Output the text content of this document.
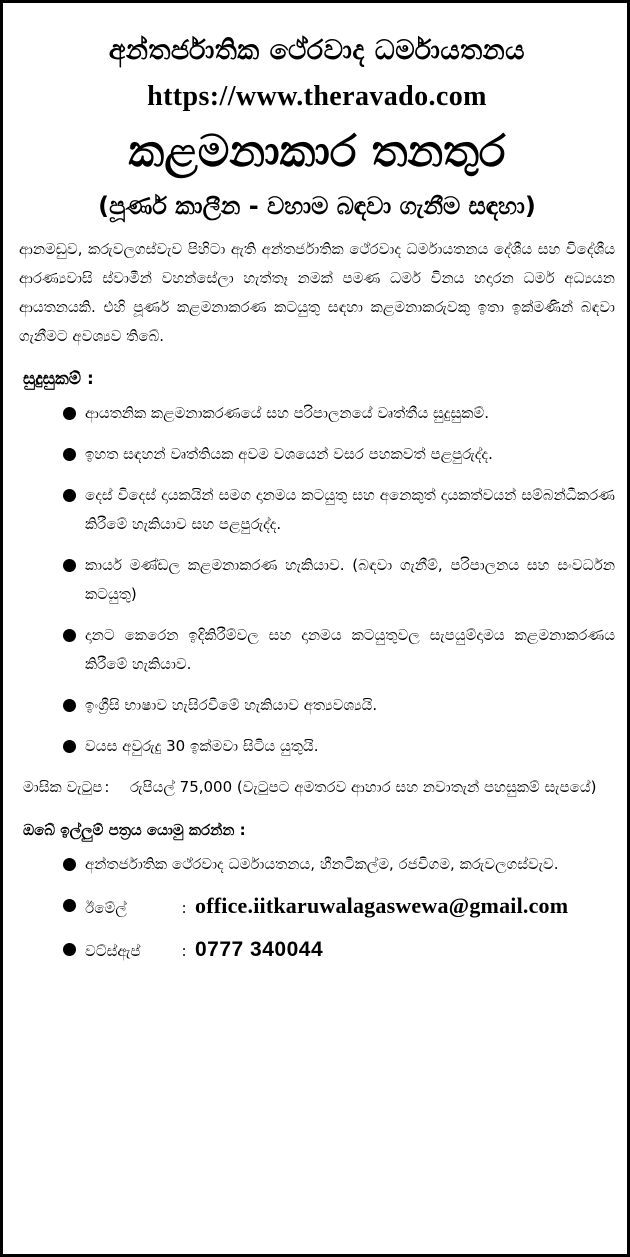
අන්තර්ජාතික ථේරවාද ධර්මායතනය
https://www.theravado.com
කළමනාකාර තනතුර
(පූර්ණ කාලීන - වහාම බඳවා ගැනීම සඳහා)
ආනමඩුව, කරුවලගස්වැව පිහිටා ඇති අන්තර්ජාතික ථේරවාද ධර්මායතනය දේශීය සහ විදේශීය ආරණ්‍යවාසි ස්වාමීන් වහන්සේලා හැත්තෑ නමක් පමණ ධර්ම විනය හදාරන ධර්ම අධ්‍යයන ආයතනයකි. එහි පූර්ණ කළමනාකරණ කටයුතු සඳහා කළමනාකරුවකු ඉතා ඉක්මණින් බඳවා ගැනීමට අවශ්‍යව තිබේ.
සුදුසුකම් :
ආයතනික කළමනාකරණයේ සහ පරිපාලනයේ වෘත්තීය සුදුසුකම්.
ඉහත සඳහන් වෘත්තියක අවම වශයෙන් වසර පහකවත් පළපුරුද්ද.
දෙස් විදෙස් දායකයින් සමග දානමය කටයුතු සහ අනෙකුත් දායකත්වයන් සම්බන්ධීකරණ කිරීමේ හැකියාව සහ පළපුරුද්ද.
කාර්ය මණ්ඩල කළමනාකරණ හැකියාව. (බඳවා ගැනීම්, පරිපාලනය සහ සංවර්ධන කටයුතු)
දානට කෙරෙන ඉදිකිරීම්වල සහ දානමය කටයුතුවල සැපයුම්දාමය කළමනාකරණය කිරීමේ හැකියාව.
ඉංග්‍රීසි භාෂාව හැසිරවීමේ හැකියාව අත්‍යවශ්‍යයි.
වයස අවුරුදු 30 ඉක්මවා සිටිය යුතුයි.
මාසික වැටුප :	රුපියල් 75,000 (වැටුපට අමතරව ආහාර සහ නවාතැන් පහසුකම් සැපයේ)
ඔබේ ඉල්ලුම් පත්‍රය යොමු කරන්න :
අන්තර්ජාතික ථේරවාද ධර්මායතනය, හීනටිකල්ම, රජවිගම, කරුවලගස්වැව.
ඊමේල්	: office.iitkaruwalagaswewa@gmail.com
වට්ස්ඇප්	: 0777 340044
